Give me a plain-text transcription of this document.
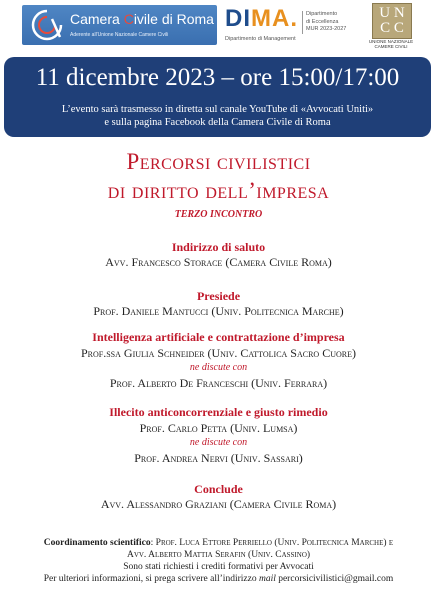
Camera Civile di Roma
Aderente all'Unione Nazionale Camere Civili
DIMA.
Dipartimento di Management
Dipartimento
di Eccellenza
MUR 2023-2027
U N
C C
UNIONE NAZIONALE
CAMERE CIVILI
11 dicembre 2023 – ore 15:00/17:00
L’evento sarà trasmesso in diretta sul canale YouTube di «Avvocati Uniti»
e sulla pagina Facebook della Camera Civile di Roma
Percorsi civilistici
di diritto dell’impresa
TERZO INCONTRO
Indirizzo di saluto
Avv. Francesco Storace (Camera Civile Roma)
Presiede
Prof. Daniele Mantucci (Univ. Politecnica Marche)
Intelligenza artificiale e contrattazione d’impresa
Prof.ssa Giulia Schneider (Univ. Cattolica Sacro Cuore)
ne discute con
Prof. Alberto De Franceschi (Univ. Ferrara)
Illecito anticoncorrenziale e giusto rimedio
Prof. Carlo Petta (Univ. Lumsa)
ne discute con
Prof. Andrea Nervi (Univ. Sassari)
Conclude
Avv. Alessandro Graziani (Camera Civile Roma)
Coordinamento scientifico: Prof. Luca Ettore Perriello (Univ. Politecnica Marche) e
Avv. Alberto Mattia Serafin (Univ. Cassino)
Sono stati richiesti i crediti formativi per Avvocati
Per ulteriori informazioni, si prega scrivere all’indirizzo mail percorsicivilistici@gmail.com
